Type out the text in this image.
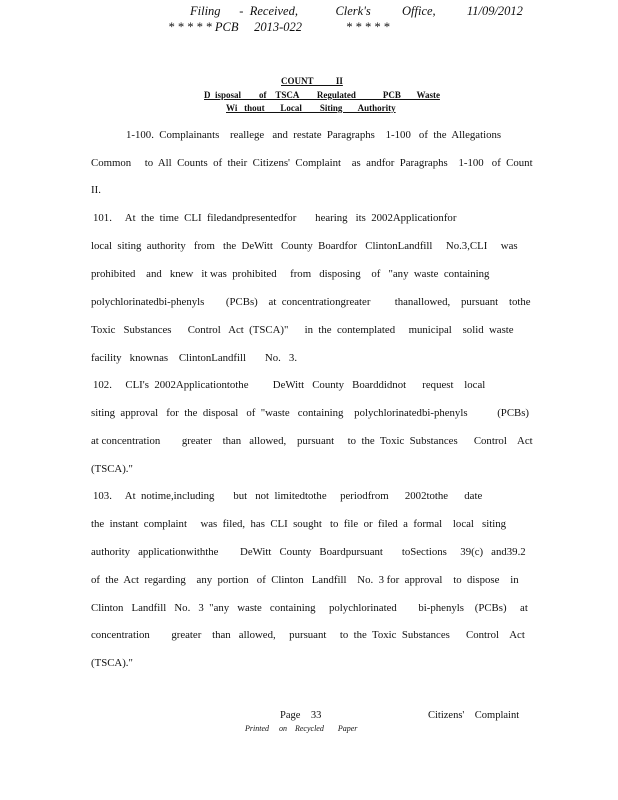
Filing      -  Received,            Clerk's          Office,          11/09/2012
* * * * * PCB     2013-022              * * * * *
COUNT          II
D  isposal        of    TSCA        Regulated            PCB       Waste
Wi   thout       Local        Siting       Authority
1-100.  Complainants    reallege   and  restate  Paragraphs    1-100   of  the  Allegations
Common     to  All  Counts  of  their  Citizens'  Complaint    as  andfor  Paragraphs    1-100   of  Count
II.
101.     At  the  time  CLI  filedandpresentedfor       hearing   its  2002Applicationfor
local  siting  authority   from   the  DeWitt   County  Boardfor   ClintonLandfill     No.3,CLI     was
prohibited    and   knew   it was  prohibited     from   disposing    of   "any  waste  containing
polychlorinatedbi-phenyls        (PCBs)    at  concentrationgreater         thanallowed,    pursuant    tothe
Toxic   Substances      Control   Act  (TSCA)"      in  the  contemplated     municipal    solid  waste
facility   knownas    ClintonLandfill       No.   3.
102.     CLI's  2002Applicationtothe         DeWitt   County   Boarddidnot      request    local
siting  approval   for  the  disposal   of  "waste   containing    polychlorinatedbi-phenyls           (PCBs)
at concentration        greater    than   allowed,    pursuant     to  the  Toxic  Substances      Control    Act
(TSCA)."
103.     At  notime,including       but   not  limitedtothe     periodfrom      2002tothe      date
the  instant  complaint     was  filed,  has  CLI  sought   to  file  or  filed  a  formal    local   siting
authority   applicationwiththe        DeWitt   County   Boardpursuant       toSections     39(c)   and39.2
of  the  Act  regarding    any  portion   of  Clinton   Landfill    No.  3 for  approval    to  dispose    in
Clinton   Landfill   No.   3  "any   waste   containing     polychlorinated        bi-phenyls    (PCBs)     at
concentration        greater    than   allowed,     pursuant     to  the  Toxic  Substances      Control    Act
(TSCA)."
Page    33	Citizens'    Complaint
Printed     on    Recycled       Paper
